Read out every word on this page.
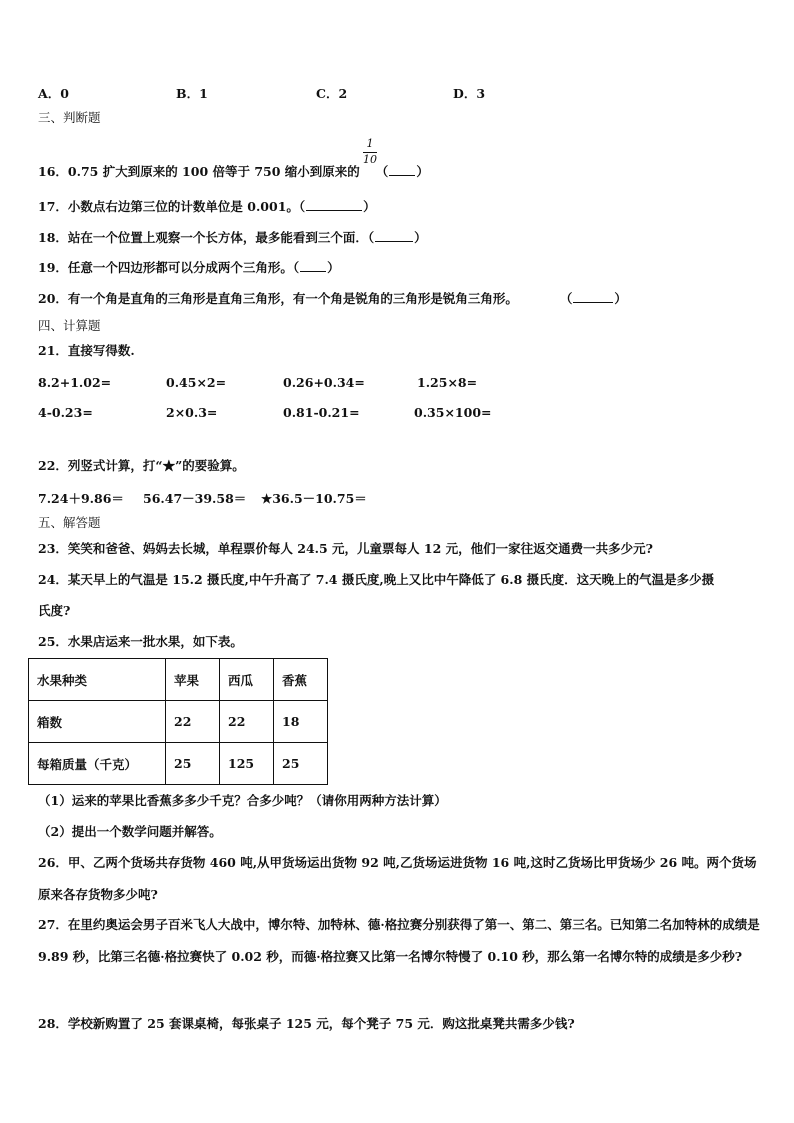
A．0	B．1	C．2	D．3
三、判断题
1
10
16．0.75 扩大到原来的 100 倍等于 750 缩小到原来的 （ ）
17．小数点右边第三位的计数单位是 0.001。（	）
18．站在一个位置上观察一个长方体，最多能看到三个面．（	）
19．任意一个四边形都可以分成两个三角形。（ ）
20．有一个角是直角的三角形是直角三角形，有一个角是锐角的三角形是锐角三角形。	（	）
四、计算题
21．直接写得数.
8.2+1.02=	0.45×2=	0.26+0.34=	1.25×8=
4-0.23=	2×0.3=	0.81-0.21=	0.35×100=
22．列竖式计算，打“★”的要验算。
7.24＋9.86＝ 56.47－39.58＝ ★36.5－10.75＝
五、解答题
23．笑笑和爸爸、妈妈去长城，单程票价每人 24.5 元，儿童票每人 12 元，他们一家往返交通费一共多少元?
24．某天早上的气温是 15.2 摄氏度,中午升高了 7.4 摄氏度,晚上又比中午降低了 6.8 摄氏度．这天晚上的气温是多少摄
氏度?
25．水果店运来一批水果，如下表。
水果种类	苹果	西瓜	香蕉
箱数	22	22	18
每箱质量（千克）	25	125	25
（1）运来的苹果比香蕉多多少千克？合多少吨？（请你用两种方法计算）
（2）提出一个数学问题并解答。
26．甲、乙两个货场共存货物 460 吨,从甲货场运出货物 92 吨,乙货场运进货物 16 吨,这时乙货场比甲货场少 26 吨。两个货场原来各存货物多少吨?
27．在里约奥运会男子百米飞人大战中，博尔特、加特林、德·格拉赛分别获得了第一、第二、第三名。已知第二名加特林的成绩是 9.89 秒，比第三名德·格拉赛快了 0.02 秒，而德·格拉赛又比第一名博尔特慢了 0.10 秒，那么第一名博尔特的成绩是多少秒?
28．学校新购置了 25 套课桌椅，每张桌子 125 元，每个凳子 75 元．购这批桌凳共需多少钱?
